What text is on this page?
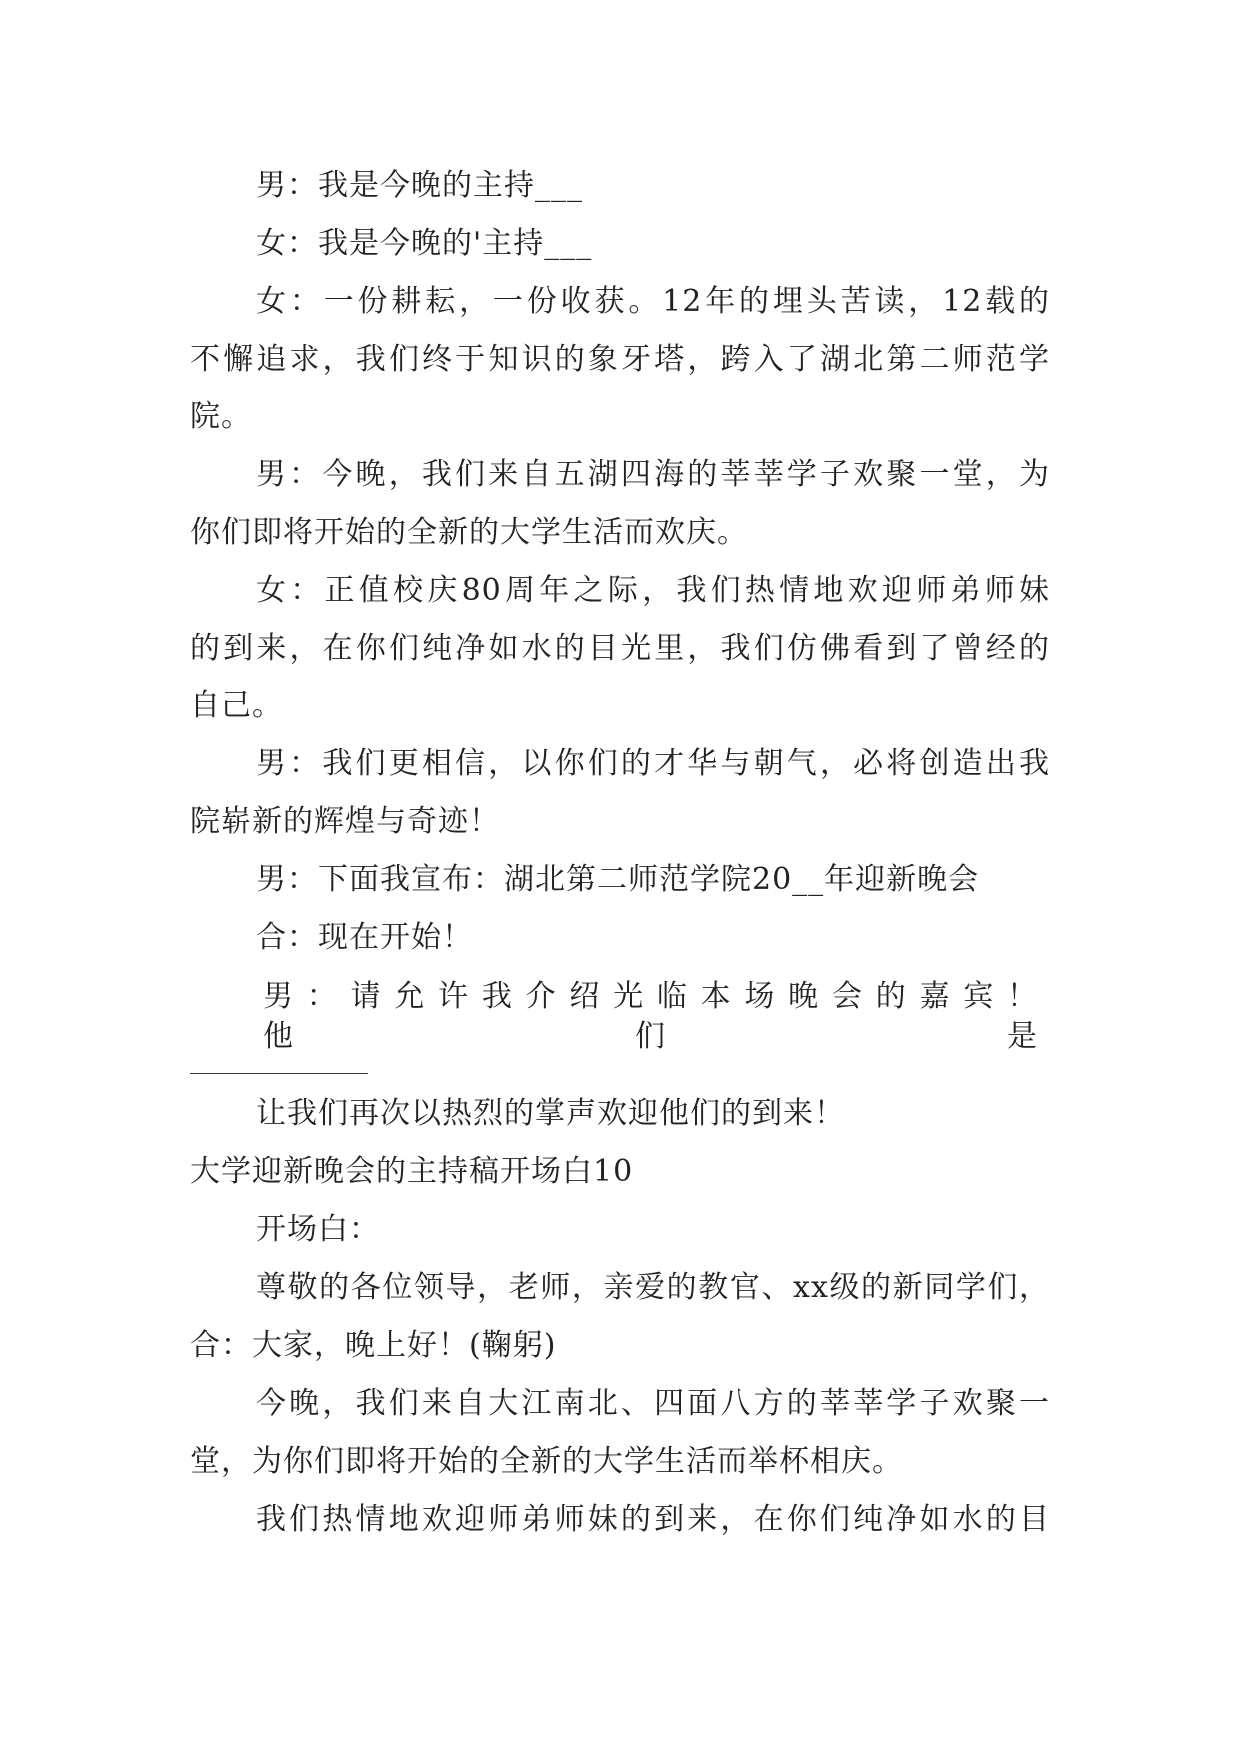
男：我是今晚的主持___
女：我是今晚的'主持___
女：一份耕耘，一份收获。12年的埋头苦读，12载的
不懈追求，我们终于知识的象牙塔，跨入了湖北第二师范学
院。
男：今晚，我们来自五湖四海的莘莘学子欢聚一堂，为
你们即将开始的全新的大学生活而欢庆。
女：正值校庆80周年之际，我们热情地欢迎师弟师妹
的到来，在你们纯净如水的目光里，我们仿佛看到了曾经的
自己。
男：我们更相信，以你们的才华与朝气，必将创造出我
院崭新的辉煌与奇迹！
男：下面我宣布：湖北第二师范学院20__年迎新晚会
合：现在开始！
男：请允许我介绍光临本场晚会的嘉宾！他们是
让我们再次以热烈的掌声欢迎他们的到来！
大学迎新晚会的主持稿开场白10
开场白：
尊敬的各位领导，老师，亲爱的教官、xx级的新同学们，
合：大家，晚上好！(鞠躬)
今晚，我们来自大江南北、四面八方的莘莘学子欢聚一
堂，为你们即将开始的全新的大学生活而举杯相庆。
我们热情地欢迎师弟师妹的到来，在你们纯净如水的目
